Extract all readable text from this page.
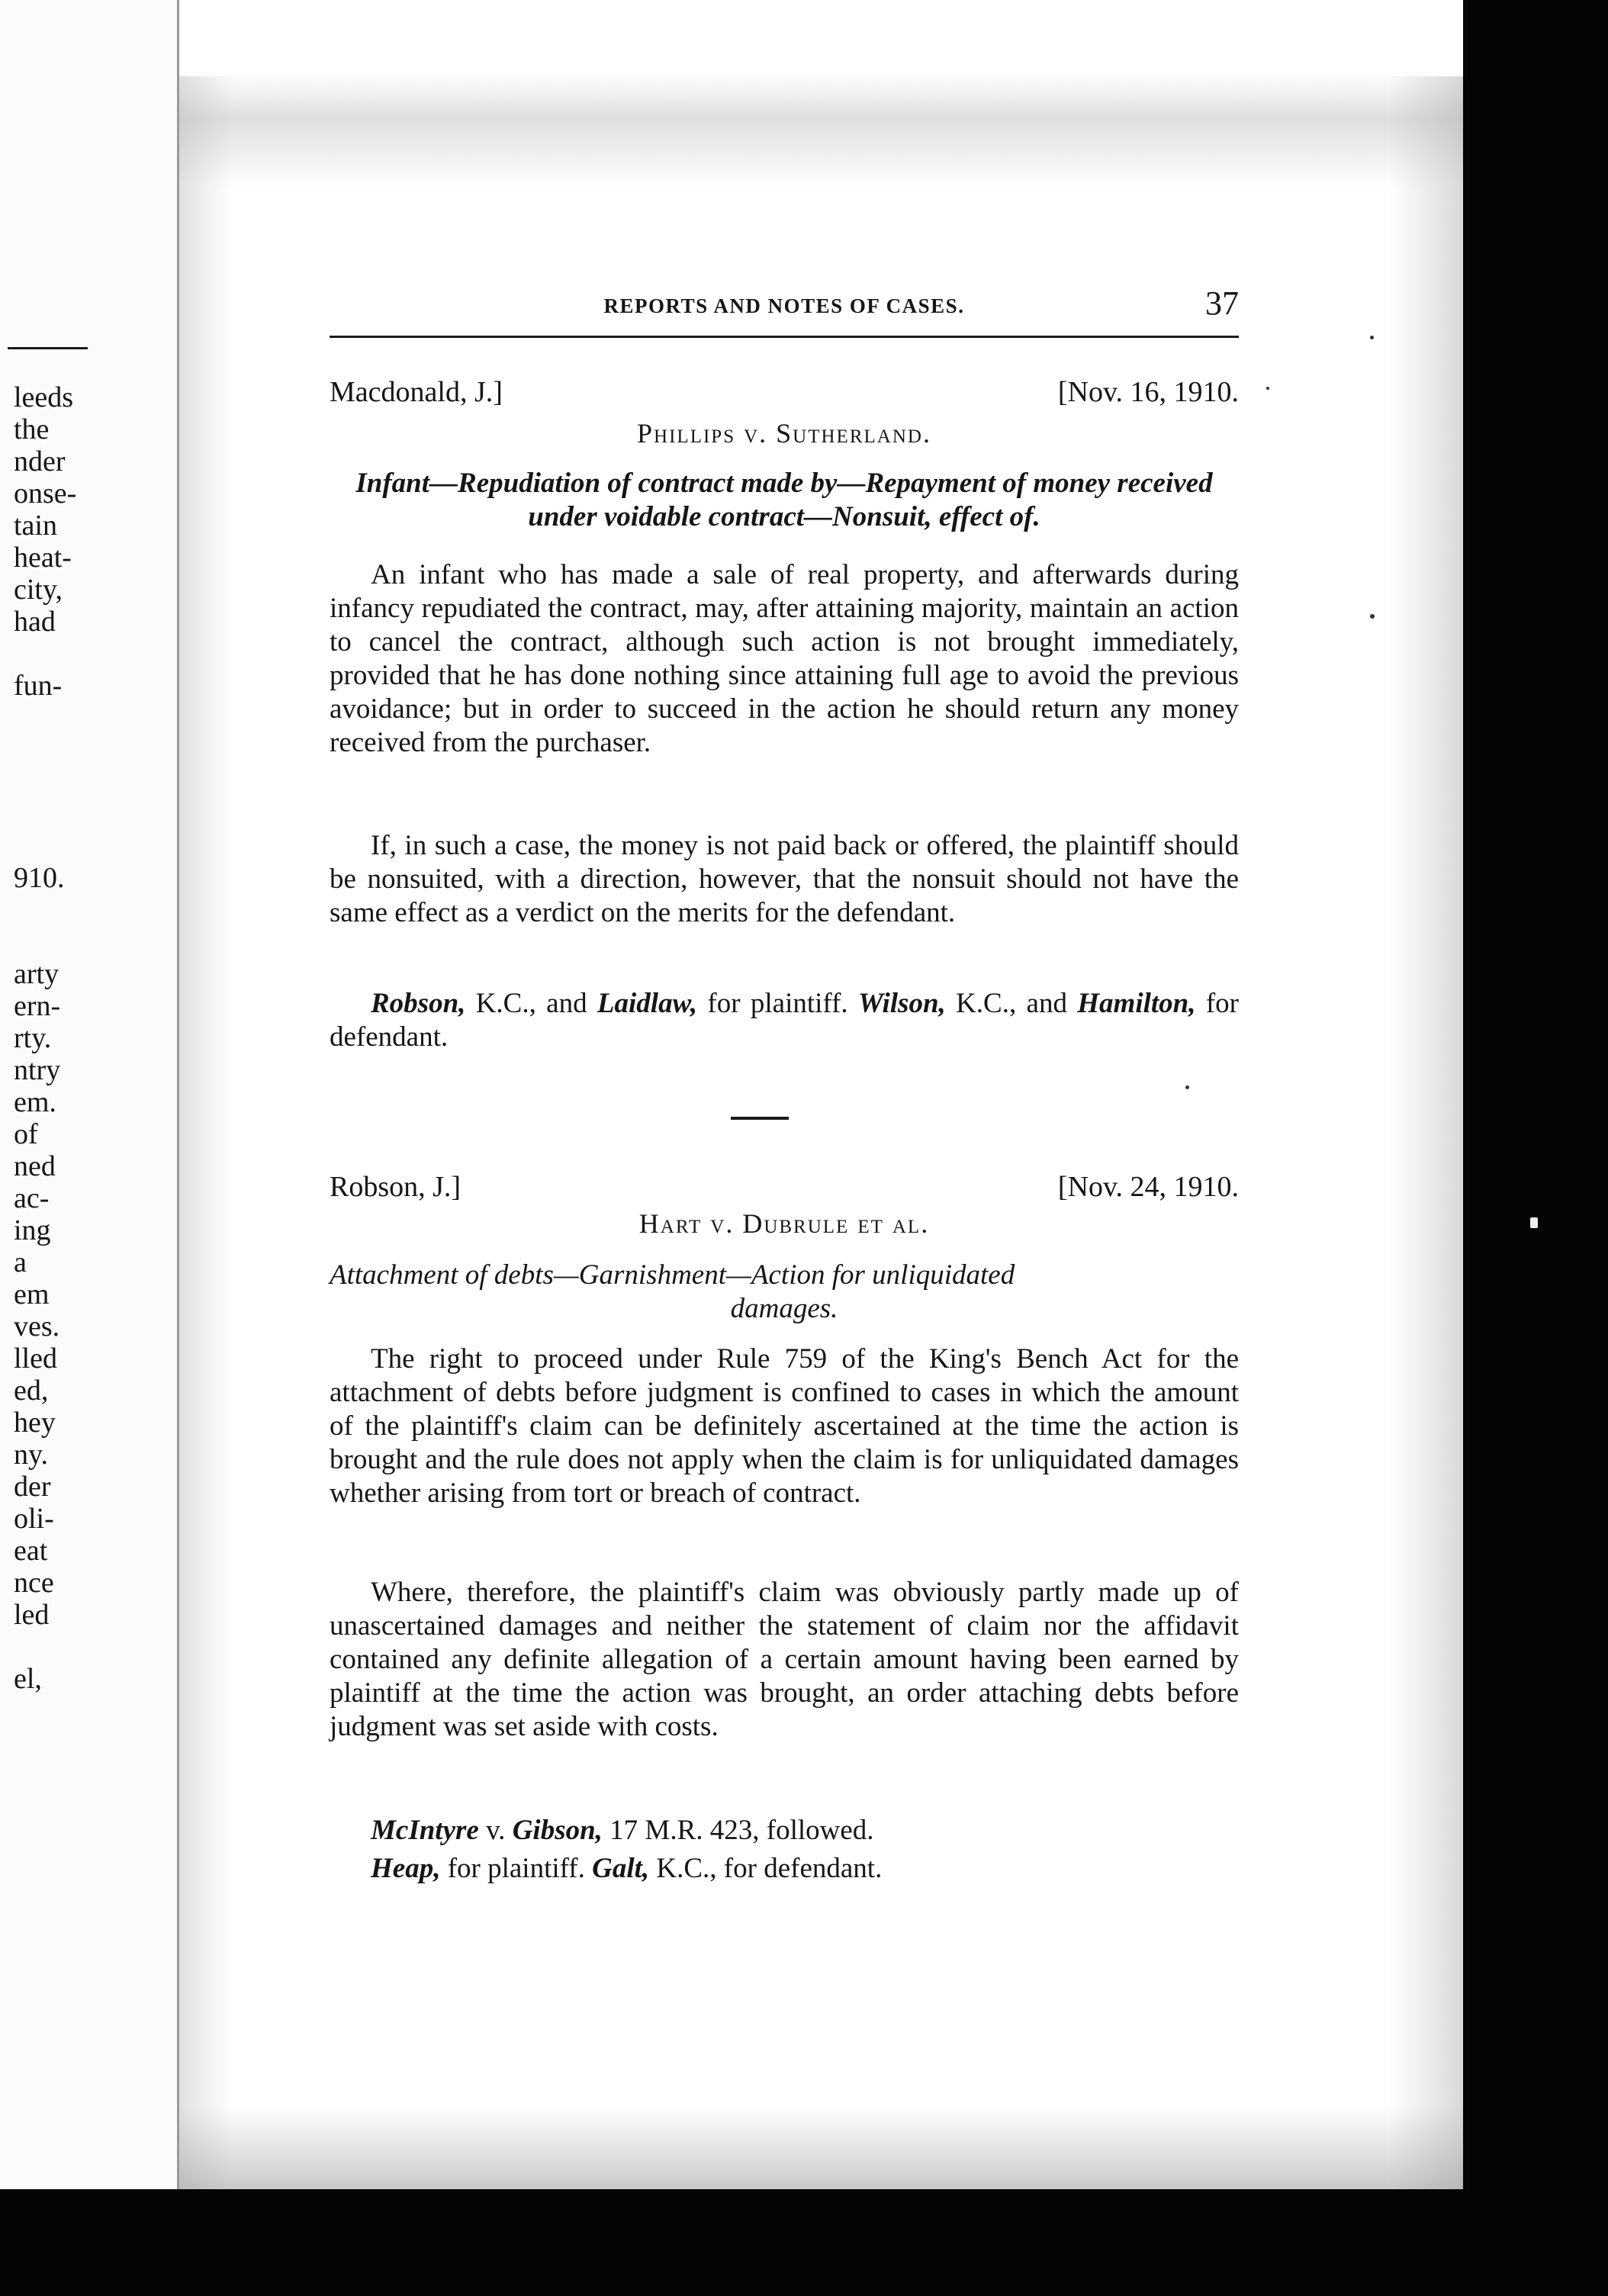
leeds
the
nder
onse-
tain
heat-
city,
had
fun-
910.
arty
ern-
rty.
ntry
em.
of
ned
ac-
ing
a
em
ves.
lled
ed,
hey
ny.
der
oli-
eat
nce
led
el,
REPORTS AND NOTES OF CASES.	37
Macdonald, J.]	[Nov. 16, 1910.
Phillips v. Sutherland.
Infant—Repudiation of contract made by—Repayment of money received under voidable contract—Nonsuit, effect of.

An infant who has made a sale of real property, and afterwards during infancy repudiated the contract, may, after attaining majority, maintain an action to cancel the contract, although such action is not brought immediately, provided that he has done nothing since attaining full age to avoid the previous avoidance; but in order to succeed in the action he should return any money received from the purchaser.

If, in such a case, the money is not paid back or offered, the plaintiff should be nonsuited, with a direction, however, that the nonsuit should not have the same effect as a verdict on the merits for the defendant.

Robson, K.C., and Laidlaw, for plaintiff. Wilson, K.C., and Hamilton, for defendant.

Robson, J.]	[Nov. 24, 1910.
Hart v. Dubrule et al.
Attachment of debts—Garnishment—Action for unliquidated
damages.

The right to proceed under Rule 759 of the King's Bench Act for the attachment of debts before judgment is confined to cases in which the amount of the plaintiff's claim can be definitely ascertained at the time the action is brought and the rule does not apply when the claim is for unliquidated damages whether arising from tort or breach of contract.

Where, therefore, the plaintiff's claim was obviously partly made up of unascertained damages and neither the statement of claim nor the affidavit contained any definite allegation of a certain amount having been earned by plaintiff at the time the action was brought, an order attaching debts before judgment was set aside with costs.

McIntyre v. Gibson, 17 M.R. 423, followed.

Heap, for plaintiff. Galt, K.C., for defendant.
